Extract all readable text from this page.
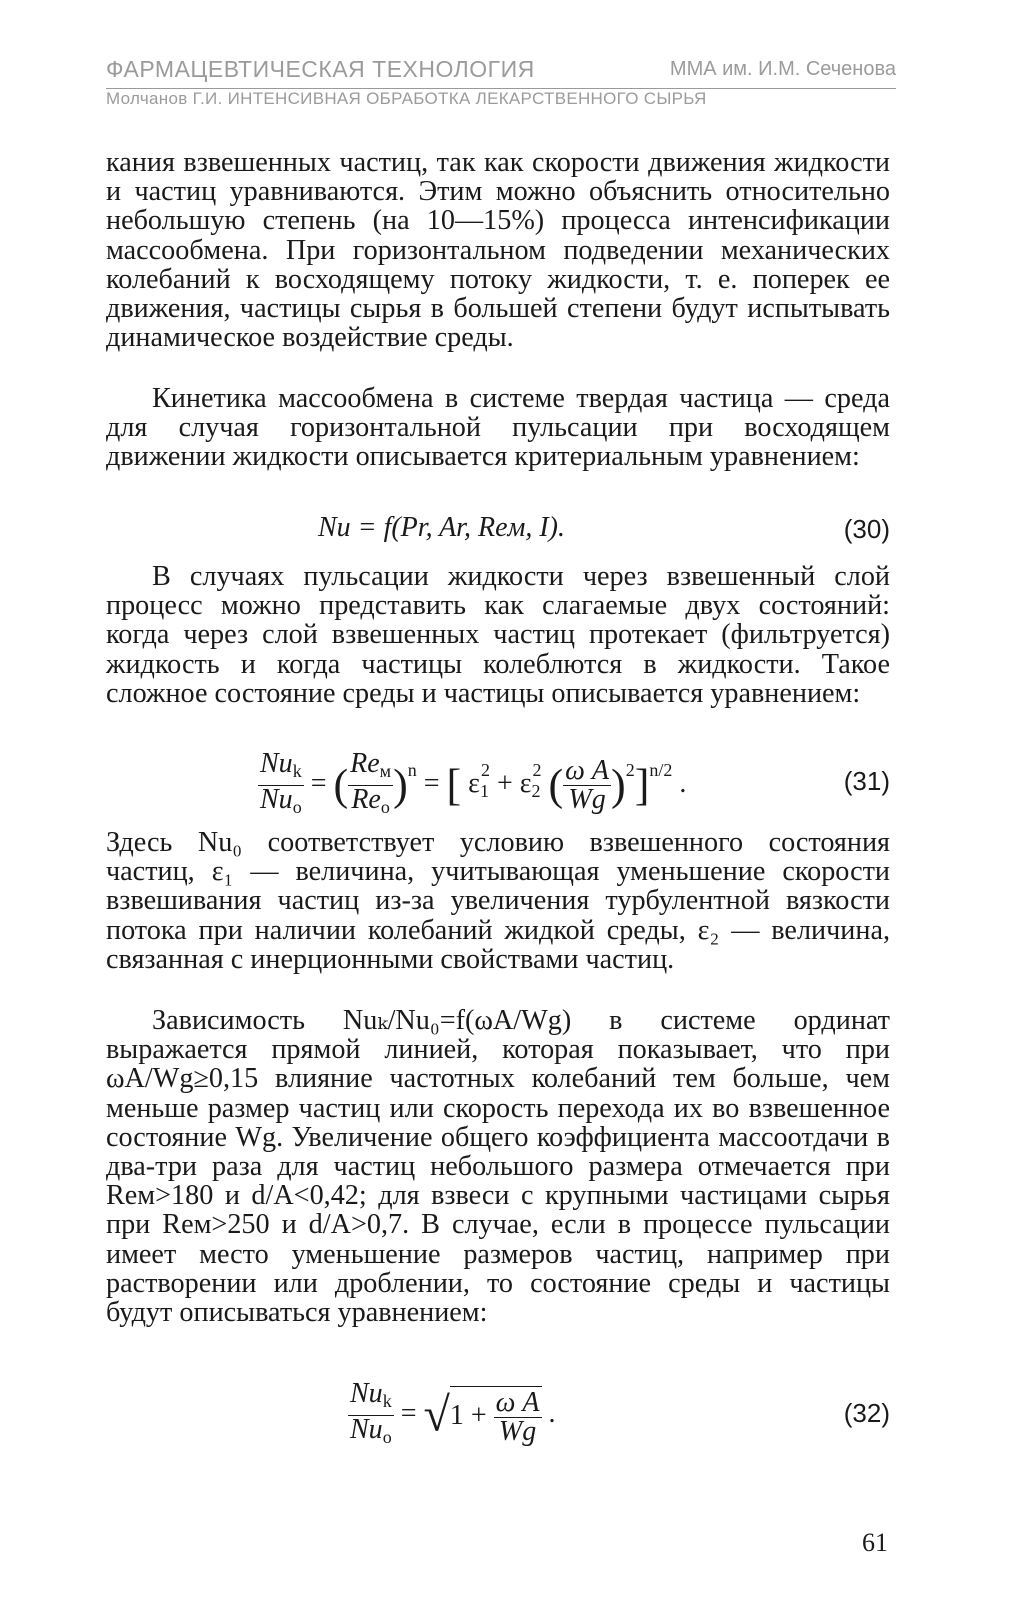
ФАРМАЦЕВТИЧЕСКАЯ ТЕХНОЛОГИЯ	ММА им. И.М. Сеченова
Молчанов Г.И. ИНТЕНСИВНАЯ ОБРАБОТКА ЛЕКАРСТВЕННОГО СЫРЬЯ

кания взвешенных частиц, так как скорости движения жидкости и частиц уравниваются. Этим можно объяснить относительно небольшую степень (на 10—15%) процесса интенсификации массообмена. При горизонтальном подведении механических колебаний к восходящему потоку жидкости, т. е. поперек ее движения, частицы сырья в большей степени будут испытывать динамическое воздействие среды.

Кинетика массообмена в системе твердая частица — среда для случая горизонтальной пульсации при восходящем движении жидкости описывается критериальным уравнением:

Nu = f(Pr, Ar, Reм, I).	(30)

В случаях пульсации жидкости через взвешенный слой процесс можно представить как слагаемые двух состояний: когда через слой взвешенных частиц протекает (фильтруется) жидкость и когда частицы колеблются в жидкости. Такое сложное состояние среды и частицы описывается уравнением:

$\frac{Nu_k}{Nu_o}$ = ( $\frac{Re_м}{Re_o} )^n$ = [ $\varepsilon_1^2 + \varepsilon_2^2$ ( $\frac{\text{ω A}}{Wg} )^2]^{n/2}$ .	(31)

Здесь Nu₀ соответствует условию взвешенного состояния частиц, ε₁ — величина, учитывающая уменьшение скорости взвешивания частиц из-за увеличения турбулентной вязкости потока при наличии колебаний жидкой среды, ε₂ — величина, связанная с инерционными свойствами частиц.

Зависимость Nuₖ/Nu₀=f(ωA/Wg) в системе ординат выражается прямой линией, которая показывает, что при ωA/Wg≥0,15 влияние частотных колебаний тем больше, чем меньше размер частиц или скорость перехода их во взвешенное состояние Wg. Увеличение общего коэффициента массоотдачи в два-три раза для частиц небольшого размера отмечается при Reм>180 и d/A<0,42; для взвеси с крупными частицами сырья при Reм>250 и d/A>0,7. В случае, если в процессе пульсации имеет место уменьшение размеров частиц, например при растворении или дроблении, то состояние среды и частицы будут описываться уравнением:

$\frac{Nu_k}{Nu_o} = √1 + \frac{\text{ω A}}{Wg}$ .	(32)
61
